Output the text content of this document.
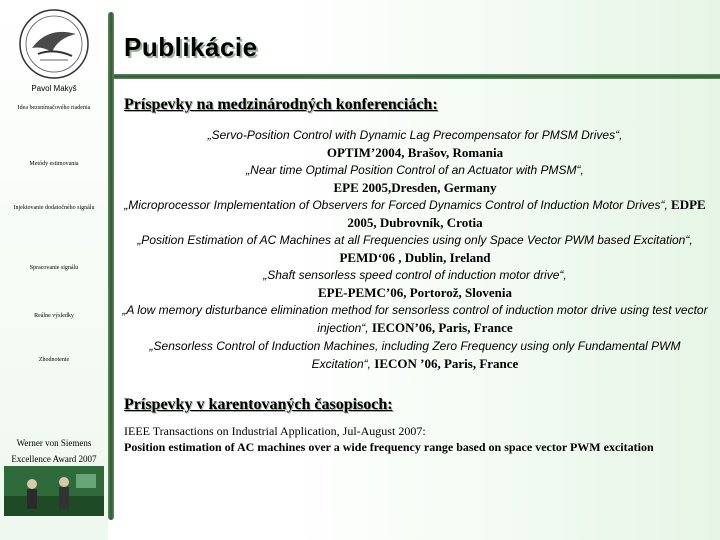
Pavol Makyš
Idea bezsnímačového riadenia
Metódy estimovania
Injektovanie dodatočného signálu
Spracovanie signálu
Reálne výsledky
Zhodnotenie
Werner von Siemens
Excellence Award 2007
Publikácie
Príspevky na medzinárodných konferenciách:
„Servo-Position Control with Dynamic Lag Precompensator for PMSM Drives“,
OPTIM’2004, Brašov, Romania
„Near time Optimal Position Control of an Actuator with PMSM“,
EPE 2005,Dresden, Germany
„Microprocessor Implementation of Observers for Forced Dynamics Control of Induction Motor Drives“, EDPE 2005, Dubrovník, Crotia
„Position Estimation of AC Machines at all Frequencies using only Space Vector PWM based Excitation“, PEMD‘06 , Dublin, Ireland
„Shaft sensorless speed control of induction motor drive“,
EPE-PEMC’06, Portorož, Slovenia
„A low memory disturbance elimination method for sensorless control of induction motor drive using test vector injection“, IECON’06, Paris, France
„Sensorless Control of Induction Machines, including Zero Frequency using only Fundamental PWM Excitation“, IECON ’06, Paris, France
Príspevky v karentovaných časopisoch:
IEEE Transactions on Industrial Application, Jul-August 2007:
Position estimation of AC machines over a wide frequency range based on space vector PWM excitation
